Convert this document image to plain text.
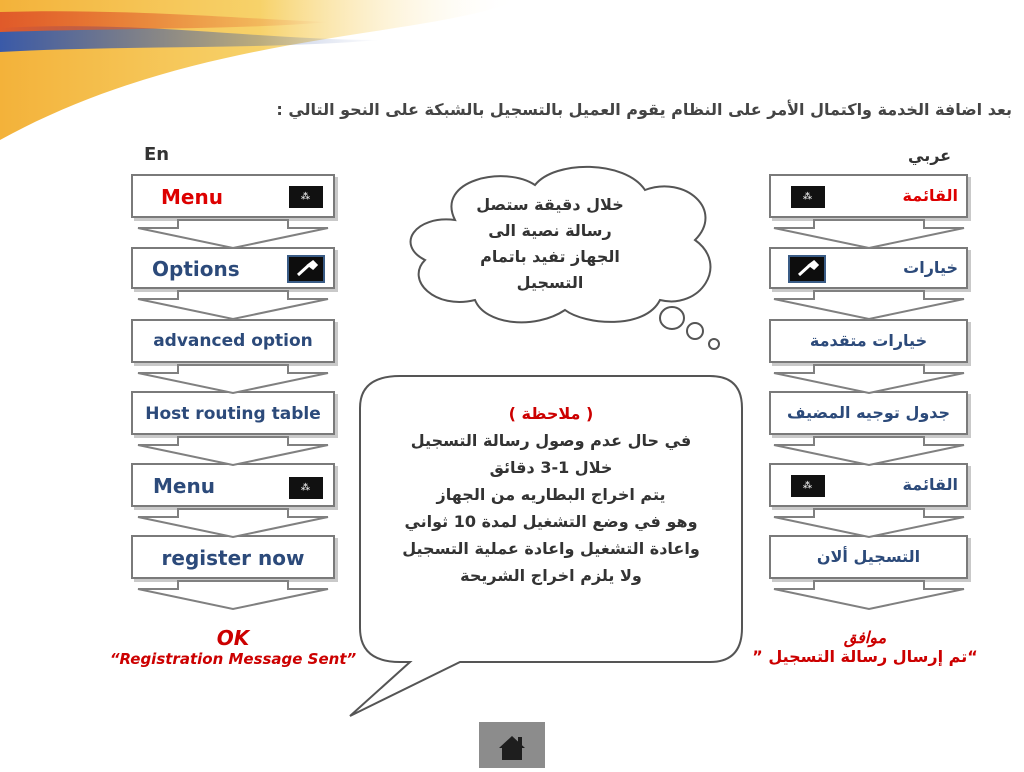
بعد اضافة الخدمة واكتمال الأمر على النظام يقوم العميل بالتسجيل بالشبكة على النحو التالي :
En	عربي
Menu	⁂
Options
advanced option
Host routing table
Menu	⁂
register now
القائمة
⁂
خيارات
خيارات متقدمة
جدول توجيه المضيف
القائمة
⁂
التسجيل ألان
خلال دقيقة ستصل
رسالة نصية الى
الجهاز تفيد باتمام
التسجيل
( ملاحظة )
في حال عدم وصول رسالة التسجيل
خلال 1-3 دقائق
يتم اخراج البطاريه من الجهاز
وهو في وضع التشغيل لمدة 10 ثواني
واعادة التشغيل واعادة عملية التسجيل
ولا يلزم اخراج الشريحة
OK
“Registration Message Sent”
موافق
“تم إرسال رسالة التسجيل ”
